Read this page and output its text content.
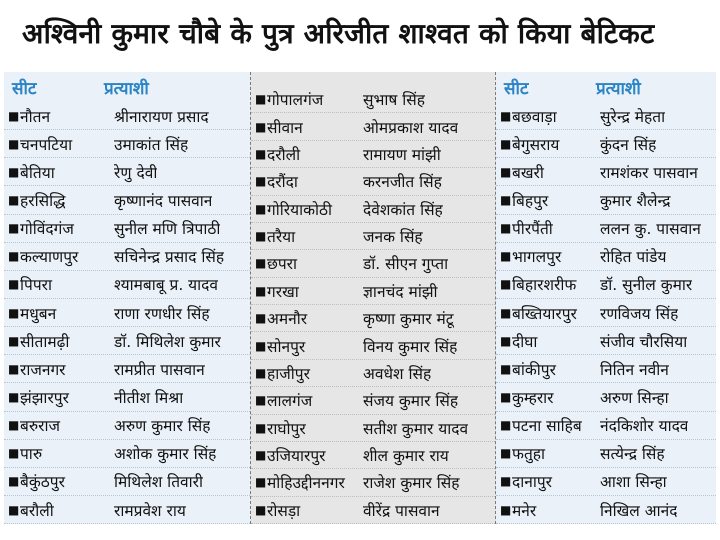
अश्विनी कुमार चौबे के पुत्र अरिजीत शाश्वत को किया बेटिकट
सीट	प्रत्याशी
■ नौतन	श्रीनारायण प्रसाद
■ चनपटिया	उमाकांत सिंह
■ बेतिया	रेणु देवी
■ हरसिद्धि	कृष्णानंद पासवान
■ गोविंदगंज	सुनील मणि त्रिपाठी
■ कल्याणपुर	सचिनेन्द्र प्रसाद सिंह
■ पिपरा	श्यामबाबू प्र. यादव
■ मधुबन	राणा रणधीर सिंह
■ सीतामढ़ी	डॉ. मिथिलेश कुमार
■ राजनगर	रामप्रीत पासवान
■ झंझारपुर	नीतीश मिश्रा
■ बरुराज	अरुण कुमार सिंह
■ पारु	अशोक कुमार सिंह
■ बैकुंठपुर	मिथिलेश तिवारी
■ बरौली	रामप्रवेश राय
■ गोपालगंज	सुभाष सिंह
■ सीवान	ओमप्रकाश यादव
■ दरौली	रामायण मांझी
■ दरौंदा	करनजीत सिंह
■ गोरियाकोठी	देवेशकांत सिंह
■ तरैया	जनक सिंह
■ छपरा	डॉ. सीएन गुप्ता
■ गरखा	ज्ञानचंद मांझी
■ अमनौर	कृष्णा कुमार मंटू
■ सोनपुर	विनय कुमार सिंह
■ हाजीपुर	अवधेश सिंह
■ लालगंज	संजय कुमार सिंह
■ राघोपुर	सतीश कुमार यादव
■ उजियारपुर	शील कुमार राय
■ मोहिउद्दीननगर	राजेश कुमार सिंह
■ रोसड़ा	वीरेंद्र पासवान
सीट	प्रत्याशी
■ बछवाड़ा	सुरेन्द्र मेहता
■ बेगुसराय	कुंदन सिंह
■ बखरी	रामशंकर पासवान
■ बिहपुर	कुमार शैलेन्द्र
■ पीरपैंती	ललन कु. पासवान
■ भागलपुर	रोहित पांडेय
■ बिहारशरीफ	डॉ. सुनील कुमार
■ बख्तियारपुर	रणविजय सिंह
■ दीघा	संजीव चौरसिया
■ बांकीपुर	नितिन नवीन
■ कुम्हरार	अरुण सिन्हा
■ पटना साहिब	नंदकिशोर यादव
■ फतुहा	सत्येन्द्र सिंह
■ दानापुर	आशा सिन्हा
■ मनेर	निखिल आनंद
